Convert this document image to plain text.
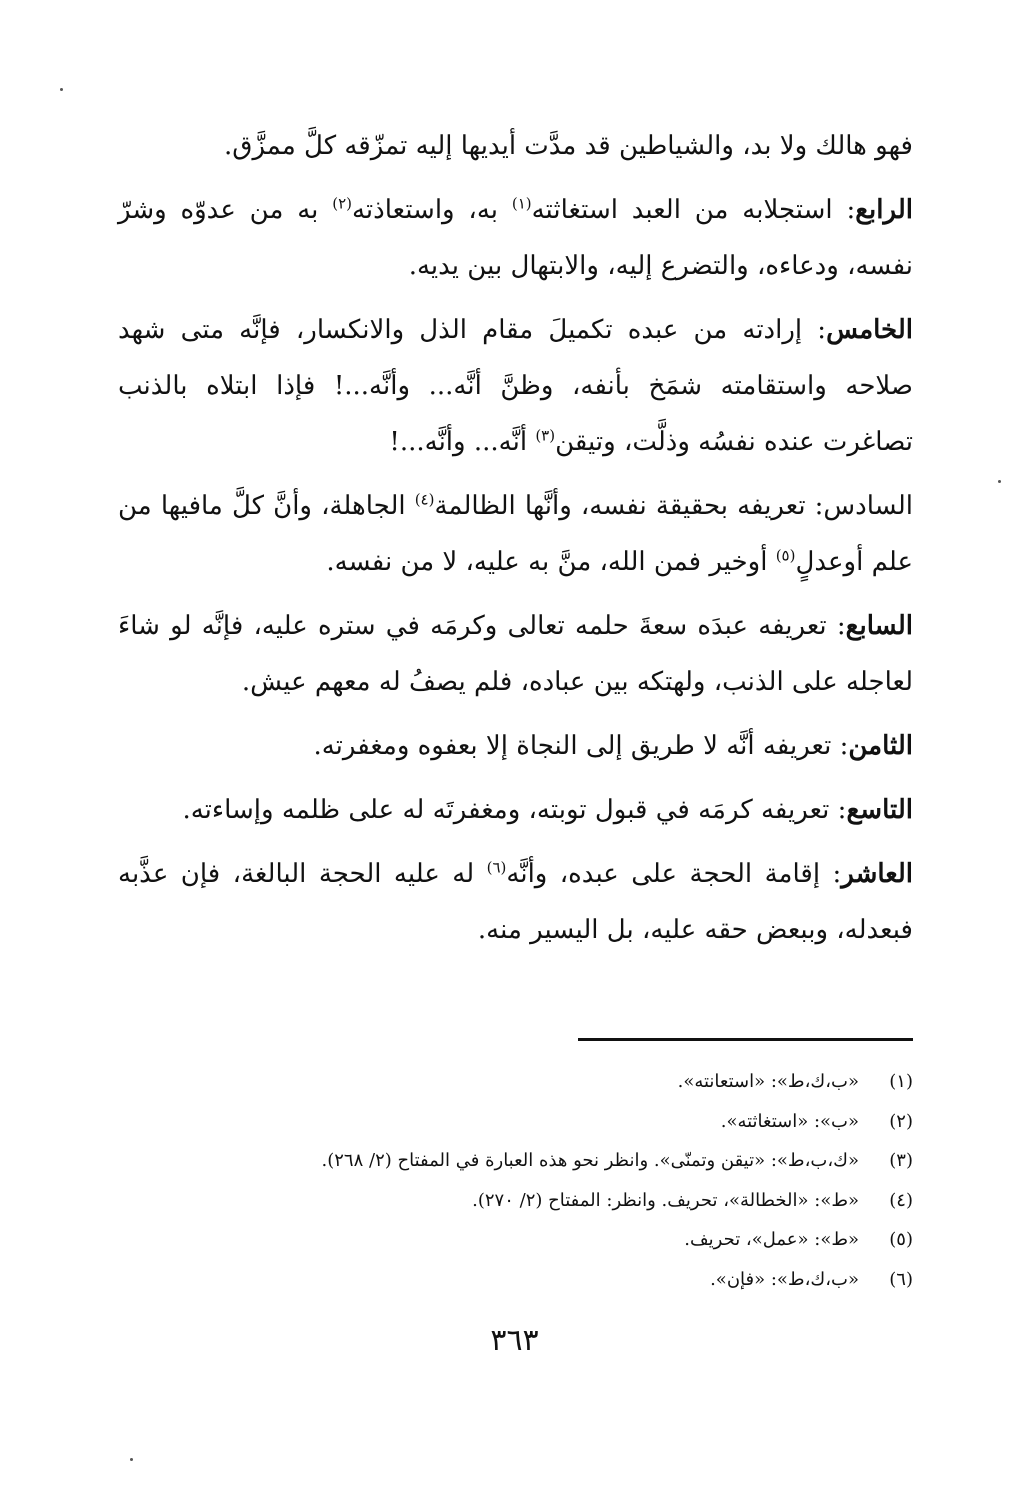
فهو هالك ولا بد، والشياطين قد مدَّت أيديها إليه تمزّقه كلَّ ممزَّق.

الرابع: استجلابه من العبد استغاثته$^{(١)}$ به، واستعاذته$^{(٢)}$ به من عدوّه وشرّ نفسه، ودعاءه، والتضرع إليه، والابتهال بين يديه.

الخامس: إرادته من عبده تكميلَ مقام الذل والانكسار، فإنَّه متى شهد صلاحه واستقامته شمَخ بأنفه، وظنَّ أنَّه... وأنَّه...! فإذا ابتلاه بالذنب تصاغرت عنده نفسُه وذلَّت، وتيقن$^{(٣)}$ أنَّه... وأنَّه...!

السادس: تعريفه بحقيقة نفسه، وأنَّها الظالمة$^{(٤)}$ الجاهلة، وأنَّ كلَّ مافيها من علم أوعدلٍ$^{(٥)}$ أوخير فمن الله، منَّ به عليه، لا من نفسه.

السابع: تعريفه عبدَه سعةَ حلمه تعالى وكرمَه في ستره عليه، فإنَّه لو شاءَ لعاجله على الذنب، ولهتكه بين عباده، فلم يصفُ له معهم عيش.

الثامن: تعريفه أنَّه لا طريق إلى النجاة إلا بعفوه ومغفرته.

التاسع: تعريفه كرمَه في قبول توبته، ومغفرتَه له على ظلمه وإساءته.

العاشر: إقامة الحجة على عبده، وأنَّه$^{(٦)}$ له عليه الحجة البالغة، فإن عذَّبه فبعدله، وببعض حقه عليه، بل اليسير منه.

(١)«ب،ك،ط»: «استعانته».
(٢)«ب»: «استغاثته».
(٣)«ك،ب،ط»: «تيقن وتمنّى». وانظر نحو هذه العبارة في المفتاح (٢/ ٢٦٨).
(٤)«ط»: «الخطالة»، تحريف. وانظر: المفتاح (٢/ ٢٧٠).
(٥)«ط»: «عمل»، تحريف.
(٦)«ب،ك،ط»: «فإن».
٣٦٣
